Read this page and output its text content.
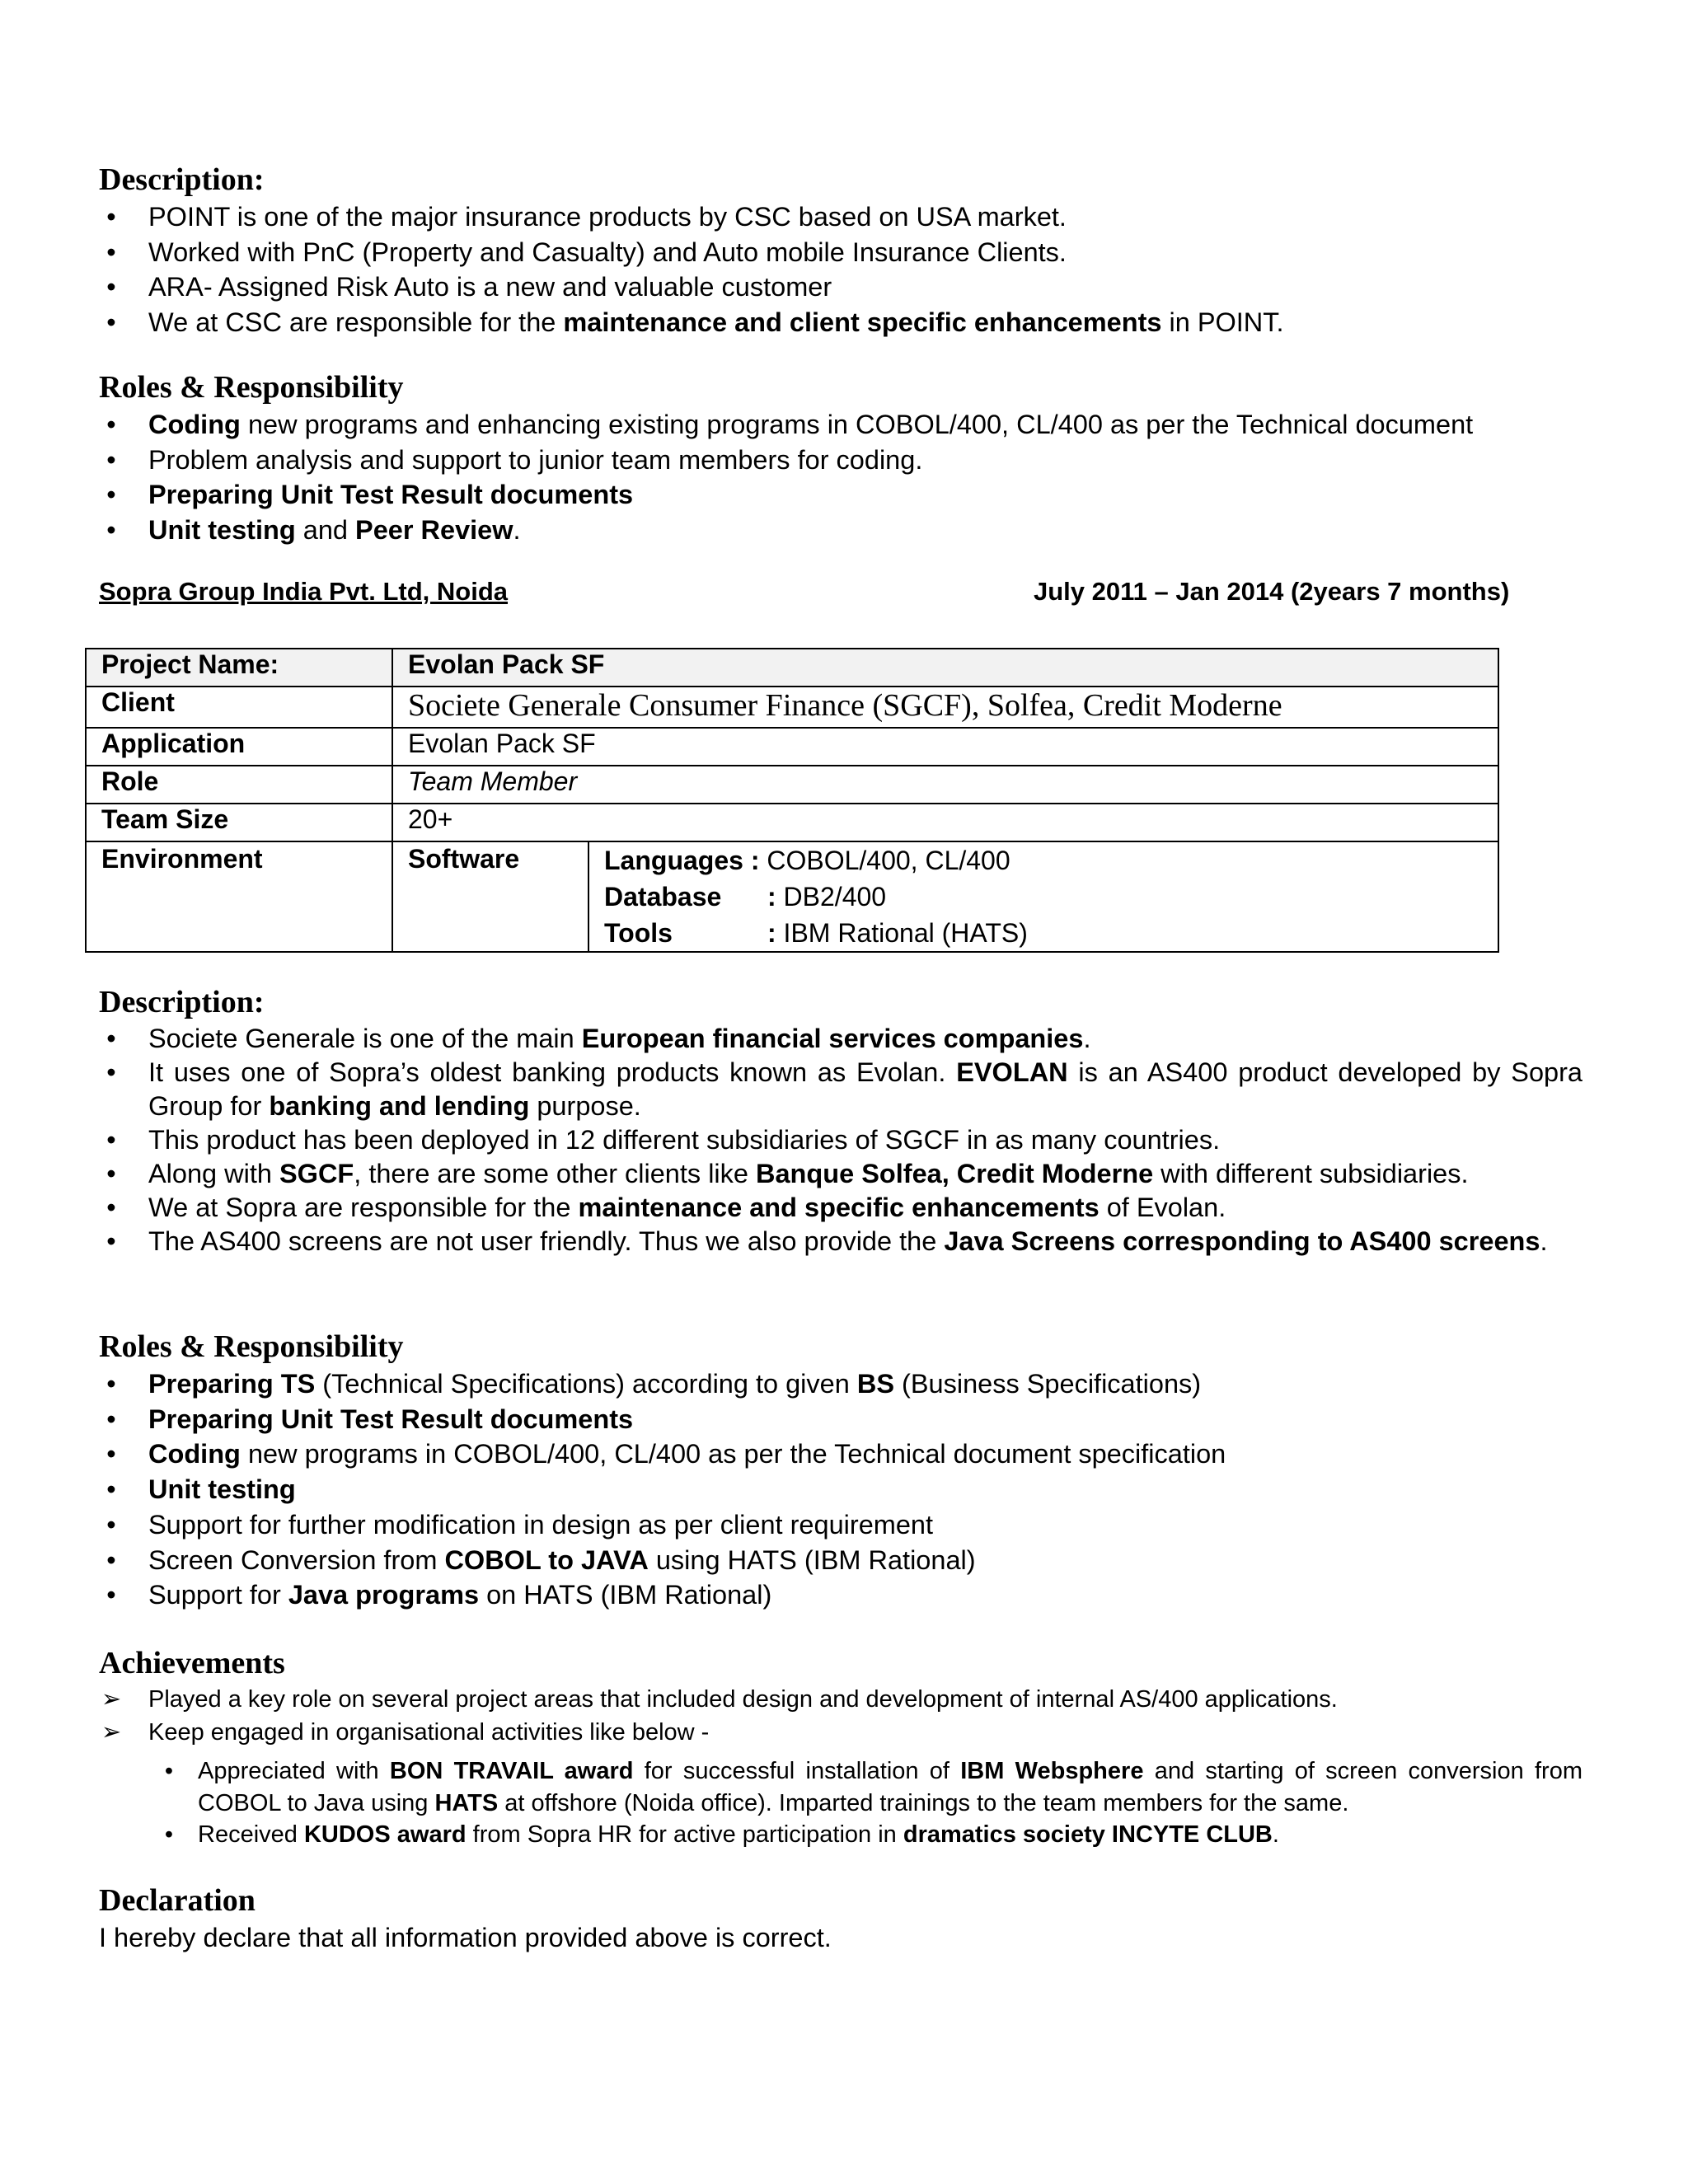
Description:
• POINT is one of the major insurance products by CSC based on USA market.
• Worked with PnC (Property and Casualty) and Auto mobile Insurance Clients.
• ARA- Assigned Risk Auto is a new and valuable customer
• We at CSC are responsible for the maintenance and client specific enhancements in POINT.
Roles & Responsibility
• Coding new programs and enhancing existing programs in COBOL/400, CL/400 as per the Technical document
• Problem analysis and support to junior team members for coding.
• Preparing Unit Test Result documents
• Unit testing and Peer Review.
Sopra Group India Pvt. Ltd, Noida	July 2011 – Jan 2014 (2years 7 months)
Project Name:	Evolan Pack SF	
Client	Societe Generale Consumer Finance (SGCF), Solfea, Credit Moderne	
Application	Evolan Pack SF	
Role	Team Member	
Team Size	20+	
Environment	Software	Languages : COBOL/400, CL/400
Database : DB2/400
Tools : IBM Rational (HATS)
Description:
• Societe Generale is one of the main European financial services companies.
• It uses one of Sopra’s oldest banking products known as Evolan. EVOLAN is an AS400 product developed by Sopra Group for banking and lending purpose.
• This product has been deployed in 12 different subsidiaries of SGCF in as many countries.
• Along with SGCF, there are some other clients like Banque Solfea, Credit Moderne with different subsidiaries.
• We at Sopra are responsible for the maintenance and specific enhancements of Evolan.
• The AS400 screens are not user friendly. Thus we also provide the Java Screens corresponding to AS400 screens.
Roles & Responsibility
• Preparing TS (Technical Specifications) according to given BS (Business Specifications)
• Preparing Unit Test Result documents
• Coding new programs in COBOL/400, CL/400 as per the Technical document specification
• Unit testing
• Support for further modification in design as per client requirement
• Screen Conversion from COBOL to JAVA using HATS (IBM Rational)
• Support for Java programs on HATS (IBM Rational)
Achievements
➢ Played a key role on several project areas that included design and development of internal AS/400 applications.
➢ Keep engaged in organisational activities like below -
•	Appreciated with BON TRAVAIL award for successful installation of IBM Websphere and starting of screen conversion from COBOL to Java using HATS at offshore (Noida office). Imparted trainings to the team members for the same.
•	Received KUDOS award from Sopra HR for active participation in dramatics society INCYTE CLUB.
Declaration
I hereby declare that all information provided above is correct.
